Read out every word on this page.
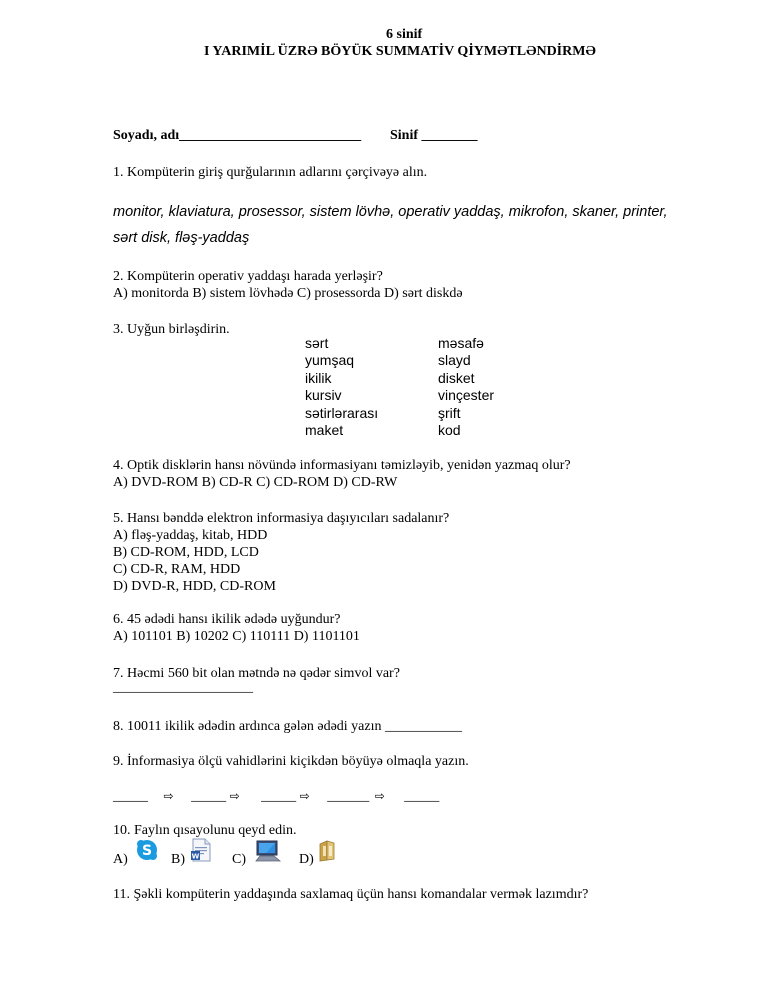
6 sinif
I YARIMİL ÜZRƏ BÖYÜK SUMMATİV QİYMƏTLƏNDİRMƏ
Soyadı, adı__________________________ Sinif ________
1. Kompüterin giriş qurğularının adlarını çərçivəyə alın.
monitor, klaviatura, prosessor, sistem lövhə, operativ yaddaş, mikrofon, skaner, printer,
sərt disk, fləş-yaddaş
2. Kompüterin operativ yaddaşı harada yerləşir?
A) monitorda B) sistem lövhədə C) prosessorda D) sərt diskdə
3. Uyğun birləşdirin.
sərt
yumşaq
ikilik
kursiv
sətirlərarası
maket
məsafə
slayd
disket
vinçester
şrift
kod
4. Optik disklərin hansı növündə informasiyanı təmizləyib, yenidən yazmaq olur?
A) DVD-ROM B) CD-R C) CD-ROM D) CD-RW
5. Hansı bənddə elektron informasiya daşıyıcıları sadalanır?
A) fləş-yaddaş, kitab, HDD
B) CD-ROM, HDD, LCD
C) CD-R, RAM, HDD
D) DVD-R, HDD, CD-ROM
6. 45 ədədi hansı ikilik ədədə uyğundur?
A) 101101 B) 10202 C) 110111 D) 1101101
7. Həcmi 560 bit olan mətndə nə qədər simvol var?
____________________
8. 10011 ikilik ədədin ardınca gələn ədədi yazın ___________
9. İnformasiya ölçü vahidlərini kiçikdən böyüyə olmaqla yazın.
_____ ⇨ _____ ⇨ _____ ⇨ ______ ⇨ _____
10. Faylın qısayolunu qeyd edin.
A)
S
B) W C)	D)
11. Şəkli kompüterin yaddaşında saxlamaq üçün hansı komandalar vermək lazımdır?
